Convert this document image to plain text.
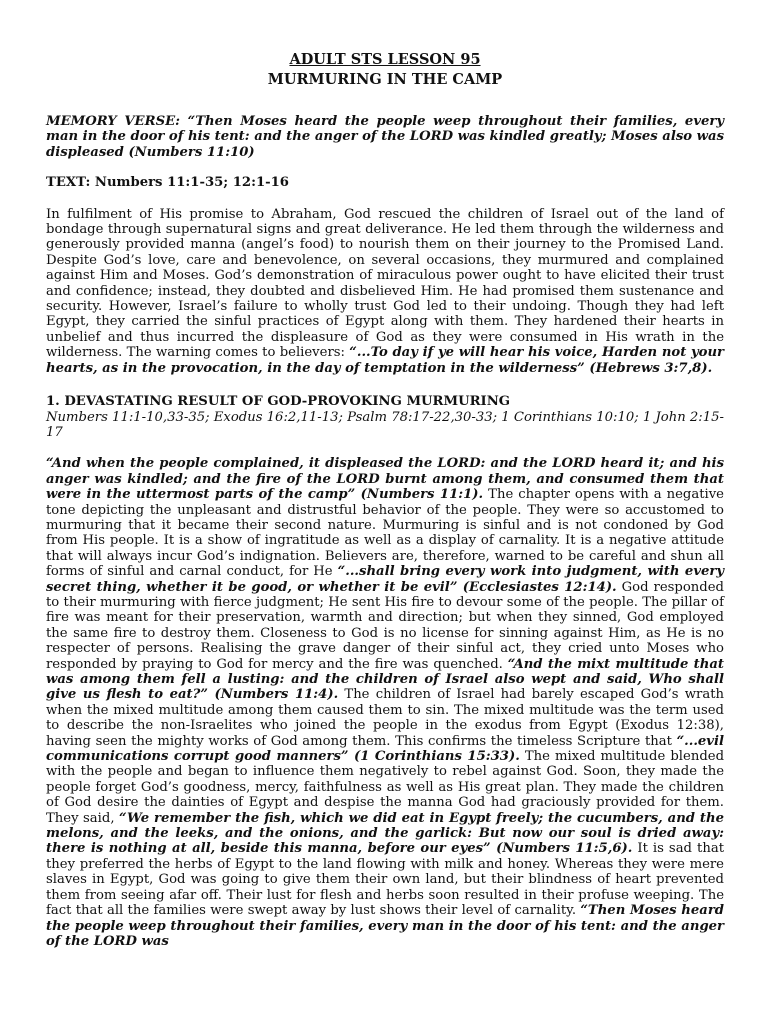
ADULT STS LESSON 95

MURMURING IN THE CAMP

MEMORY VERSE: “Then Moses heard the people weep throughout their families, every man in the door of his tent: and the anger of the LORD was kindled greatly; Moses also was displeased (Numbers 11:10)

TEXT: Numbers 11:1-35; 12:1-16

In fulfilment of His promise to Abraham, God rescued the children of Israel out of the land of bondage through supernatural signs and great deliverance. He led them through the wilderness and generously provided manna (angel’s food) to nourish them on their journey to the Promised Land. Despite God’s love, care and benevolence, on several occasions, they murmured and complained against Him and Moses. God’s demonstration of miraculous power ought to have elicited their trust and confidence; instead, they doubted and disbelieved Him. He had promised them sustenance and security. However, Israel’s failure to wholly trust God led to their undoing. Though they had left Egypt, they carried the sinful practices of Egypt along with them. They hardened their hearts in unbelief and thus incurred the displeasure of God as they were consumed in His wrath in the wilderness. The warning comes to believers: “...To day if ye will hear his voice, Harden not your hearts, as in the provocation, in the day of temptation in the wilderness” (Hebrews 3:7,8).

1. DEVASTATING RESULT OF GOD-PROVOKING MURMURING

Numbers 11:1-10,33-35; Exodus 16:2,11-13; Psalm 78:17-22,30-33; 1 Corinthians 10:10; 1 John 2:15-17

“And when the people complained, it displeased the LORD: and the LORD heard it; and his anger was kindled; and the fire of the LORD burnt among them, and consumed them that were in the uttermost parts of the camp” (Numbers 11:1). The chapter opens with a negative tone depicting the unpleasant and distrustful behavior of the people. They were so accustomed to murmuring that it became their second nature. Murmuring is sinful and is not condoned by God from His people. It is a show of ingratitude as well as a display of carnality. It is a negative attitude that will always incur God’s indignation. Believers are, therefore, warned to be careful and shun all forms of sinful and carnal conduct, for He “...shall bring every work into judgment, with every secret thing, whether it be good, or whether it be evil” (Ecclesiastes 12:14). God responded to their murmuring with fierce judgment; He sent His fire to devour some of the people. The pillar of fire was meant for their preservation, warmth and direction; but when they sinned, God employed the same fire to destroy them. Closeness to God is no license for sinning against Him, as He is no respecter of persons. Realising the grave danger of their sinful act, they cried unto Moses who responded by praying to God for mercy and the fire was quenched. “And the mixt multitude that was among them fell a lusting: and the children of Israel also wept and said, Who shall give us flesh to eat?” (Numbers 11:4). The children of Israel had barely escaped God’s wrath when the mixed multitude among them caused them to sin. The mixed multitude was the term used to describe the non-Israelites who joined the people in the exodus from Egypt (Exodus 12:38), having seen the mighty works of God among them. This confirms the timeless Scripture that “...evil communications corrupt good manners” (1 Corinthians 15:33). The mixed multitude blended with the people and began to influence them negatively to rebel against God. Soon, they made the people forget God’s goodness, mercy, faithfulness as well as His great plan. They made the children of God desire the dainties of Egypt and despise the manna God had graciously provided for them. They said, “We remember the fish, which we did eat in Egypt freely; the cucumbers, and the melons, and the leeks, and the onions, and the garlick: But now our soul is dried away: there is nothing at all, beside this manna, before our eyes” (Numbers 11:5,6). It is sad that they preferred the herbs of Egypt to the land flowing with milk and honey. Whereas they were mere slaves in Egypt, God was going to give them their own land, but their blindness of heart prevented them from seeing afar off. Their lust for flesh and herbs soon resulted in their profuse weeping. The fact that all the families were swept away by lust shows their level of carnality. “Then Moses heard the people weep throughout their families, every man in the door of his tent: and the anger of the LORD was
